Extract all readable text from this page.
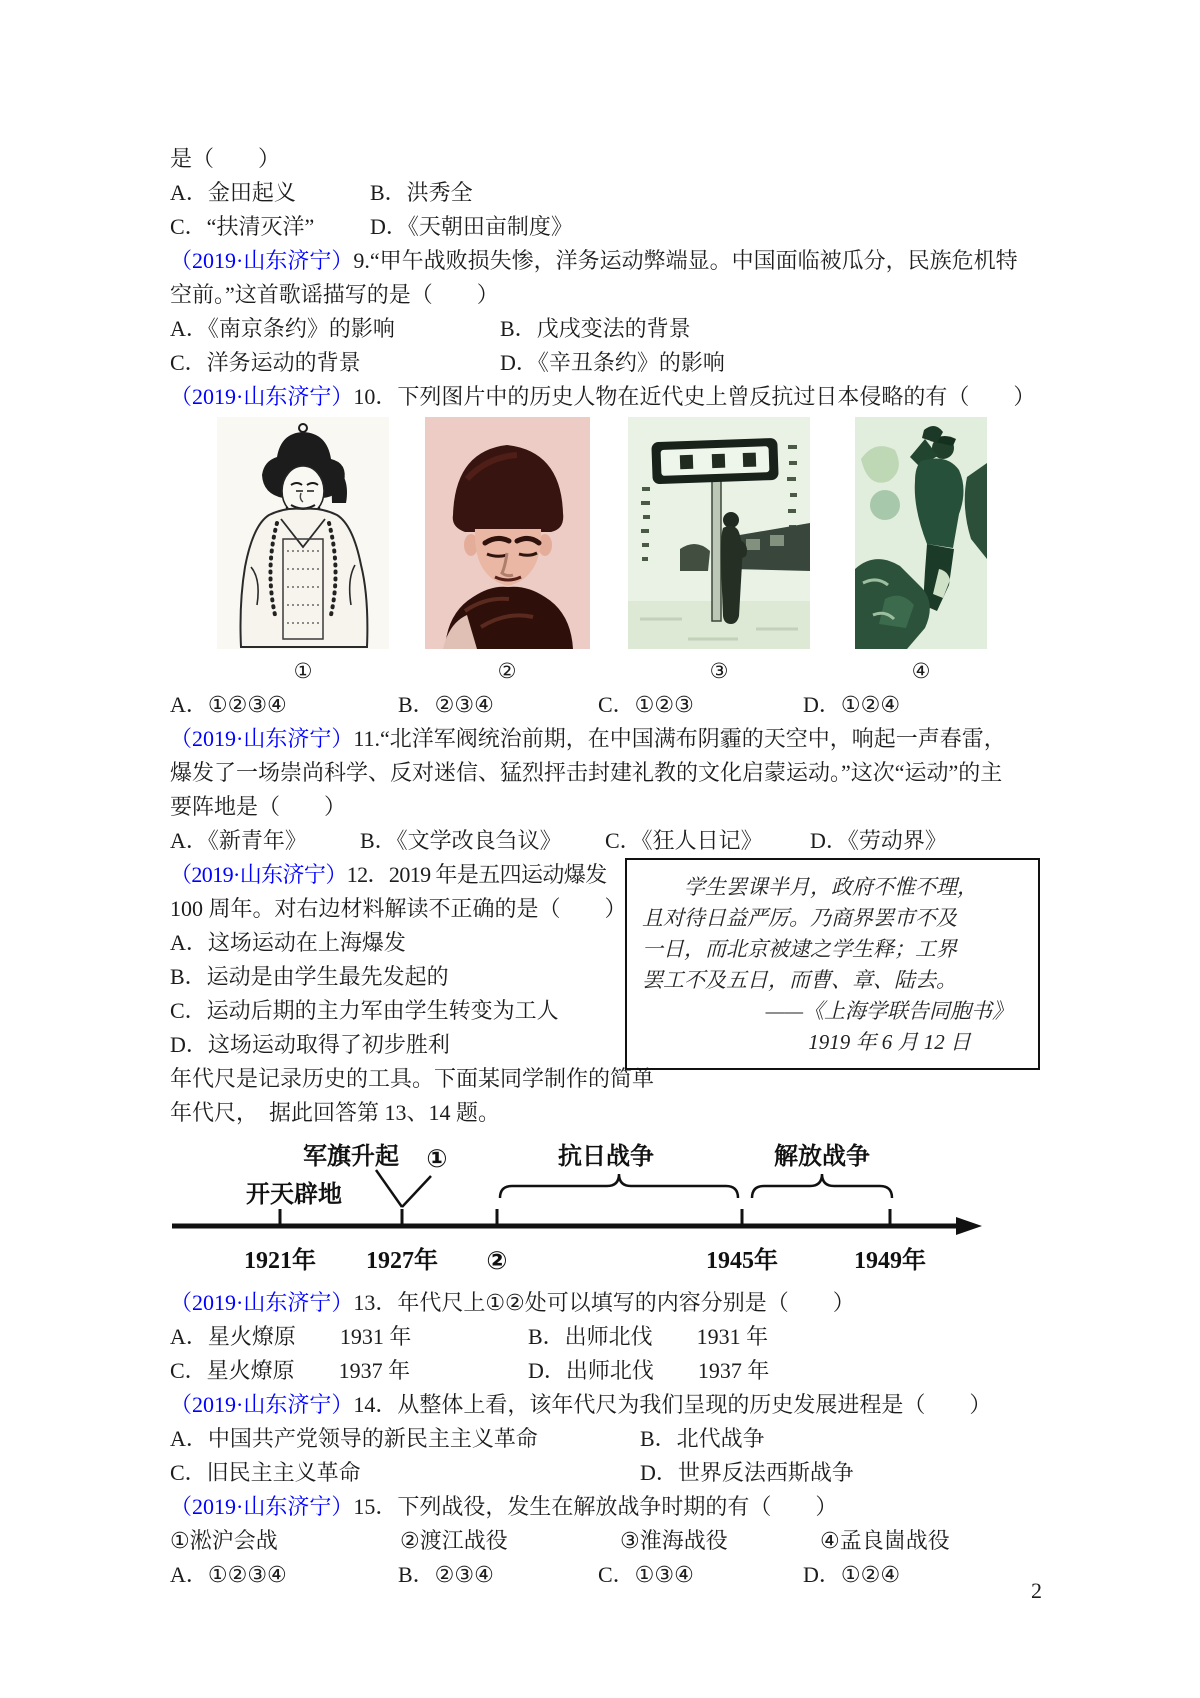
是（　　）

A．金田起义	B．洪秀全

C．“扶清灭洋”	D．《天朝田亩制度》

（2019·山东济宁）9.“甲午战败损失惨，洋务运动弊端显。中国面临被瓜分，民族危机特

空前。”这首歌谣描写的是（　　）

A．《南京条约》的影响	B．戊戌变法的背景

C．洋务运动的背景	D．《辛丑条约》的影响

（2019·山东济宁）10．下列图片中的历史人物在近代史上曾反抗过日本侵略的有（　　）

①	②	③	④

A．①②③④	B．②③④	C．①②③	D．①②④

（2019·山东济宁）11.“北洋军阀统治前期，在中国满布阴霾的天空中，响起一声春雷，

爆发了一场崇尚科学、反对迷信、猛烈抨击封建礼教的文化启蒙运动。”这次“运动”的主

要阵地是（　　）

A．《新青年》 B．《文学改良刍议》 C．《狂人日记》 D．《劳动界》

（2019·山东济宁）12．2019 年是五四运动爆发

100 周年。对右边材料解读不正确的是（　　）

A．这场运动在上海爆发

B．运动是由学生最先发起的

C．运动后期的主力军由学生转变为工人

D．这场运动取得了初步胜利

年代尺是记录历史的工具。下面某同学制作的简单

年代尺，　据此回答第 13、14 题。

学生罢课半月，政府不惟不理，

且对待日益严厉。乃商界罢市不及

一日，而北京被逮之学生释；工界

罢工不及五日，而曹、章、陆去。

——《上海学联告同胞书》

1919 年 6 月 12 日

开天辟地
军旗升起 ①	抗日战争	解放战争
1921年 1927年 ②	1945年	1949年

（2019·山东济宁）13．年代尺上①②处可以填写的内容分别是（　　）

A．星火燎原　　1931 年	B．出师北伐　　1931 年

C．星火燎原　　1937 年	D．出师北伐　　1937 年

（2019·山东济宁）14．从整体上看，该年代尺为我们呈现的历史发展进程是（　　）

A．中国共产党领导的新民主主义革命	B．北代战争

C．旧民主主义革命	D．世界反法西斯战争

（2019·山东济宁）15．下列战役，发生在解放战争时期的有（　　）

①淞沪会战	②渡江战役	③淮海战役	④孟良崮战役

A．①②③④	B．②③④	C．①③④	D．①②④

2
